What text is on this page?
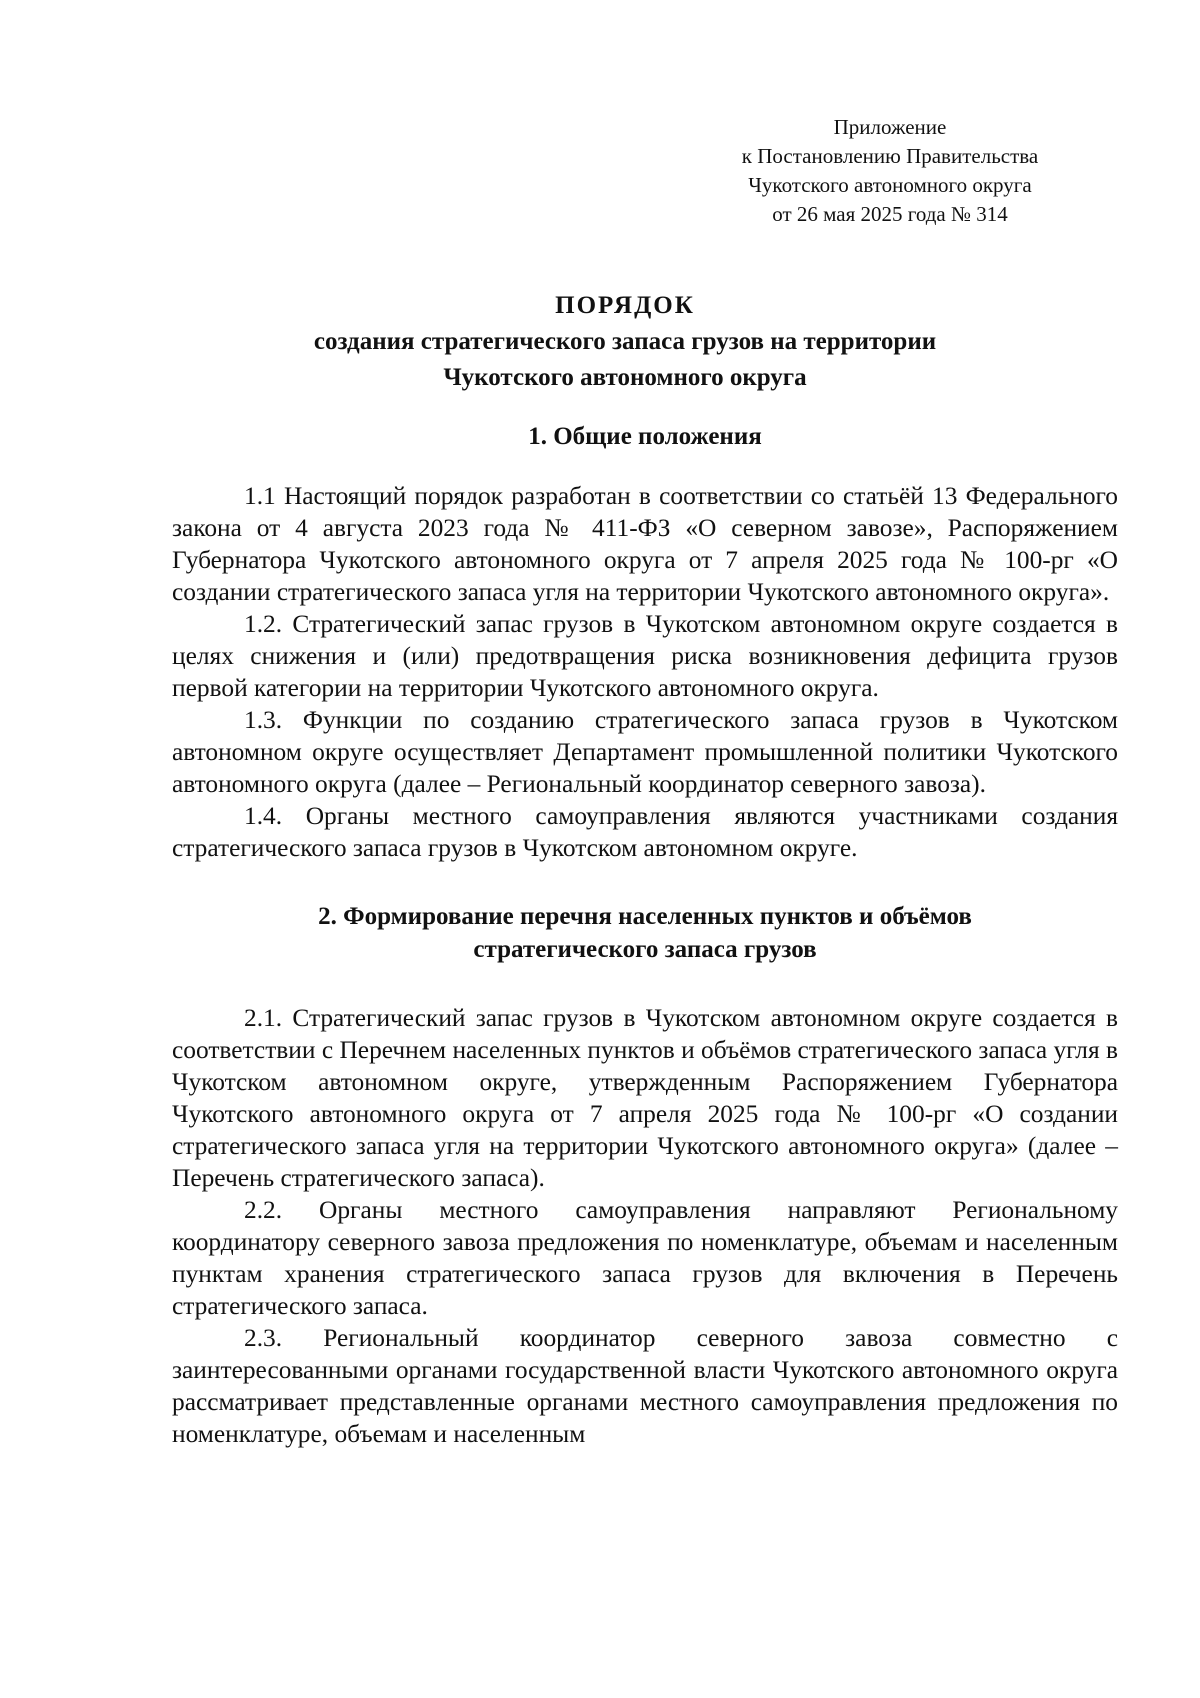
Приложение
к Постановлению Правительства
Чукотского автономного округа
от 26 мая 2025 года № 314
ПОРЯДОК
создания стратегического запаса грузов на территории
Чукотского автономного округа
1. Общие положения

1.1 Настоящий порядок разработан в соответствии со статьёй 13 Федерального закона от 4 августа 2023 года № 411-ФЗ «О северном завозе», Распоряжением Губернатора Чукотского автономного округа от 7 апреля 2025 года № 100-рг «О создании стратегического запаса угля на территории Чукотского автономного округа».

1.2. Стратегический запас грузов в Чукотском автономном округе создается в целях снижения и (или) предотвращения риска возникновения дефицита грузов первой категории на территории Чукотского автономного округа.

1.3. Функции по созданию стратегического запаса грузов в Чукотском автономном округе осуществляет Департамент промышленной политики Чукотского автономного округа (далее – Региональный координатор северного завоза).

1.4. Органы местного самоуправления являются участниками создания стратегического запаса грузов в Чукотском автономном округе.

2. Формирование перечня населенных пунктов и объёмов
стратегического запаса грузов

2.1. Стратегический запас грузов в Чукотском автономном округе создается в соответствии с Перечнем населенных пунктов и объёмов стратегического запаса угля в Чукотском автономном округе, утвержденным Распоряжением Губернатора Чукотского автономного округа от 7 апреля 2025 года № 100-рг «О создании стратегического запаса угля на территории Чукотского автономного округа» (далее – Перечень стратегического запаса).

2.2. Органы местного самоуправления направляют Региональному координатору северного завоза предложения по номенклатуре, объемам и населенным пунктам хранения стратегического запаса грузов для включения в Перечень стратегического запаса.

2.3. Региональный координатор северного завоза совместно с заинтересованными органами государственной власти Чукотского автономного округа рассматривает представленные органами местного самоуправления предложения по номенклатуре, объемам и населенным
